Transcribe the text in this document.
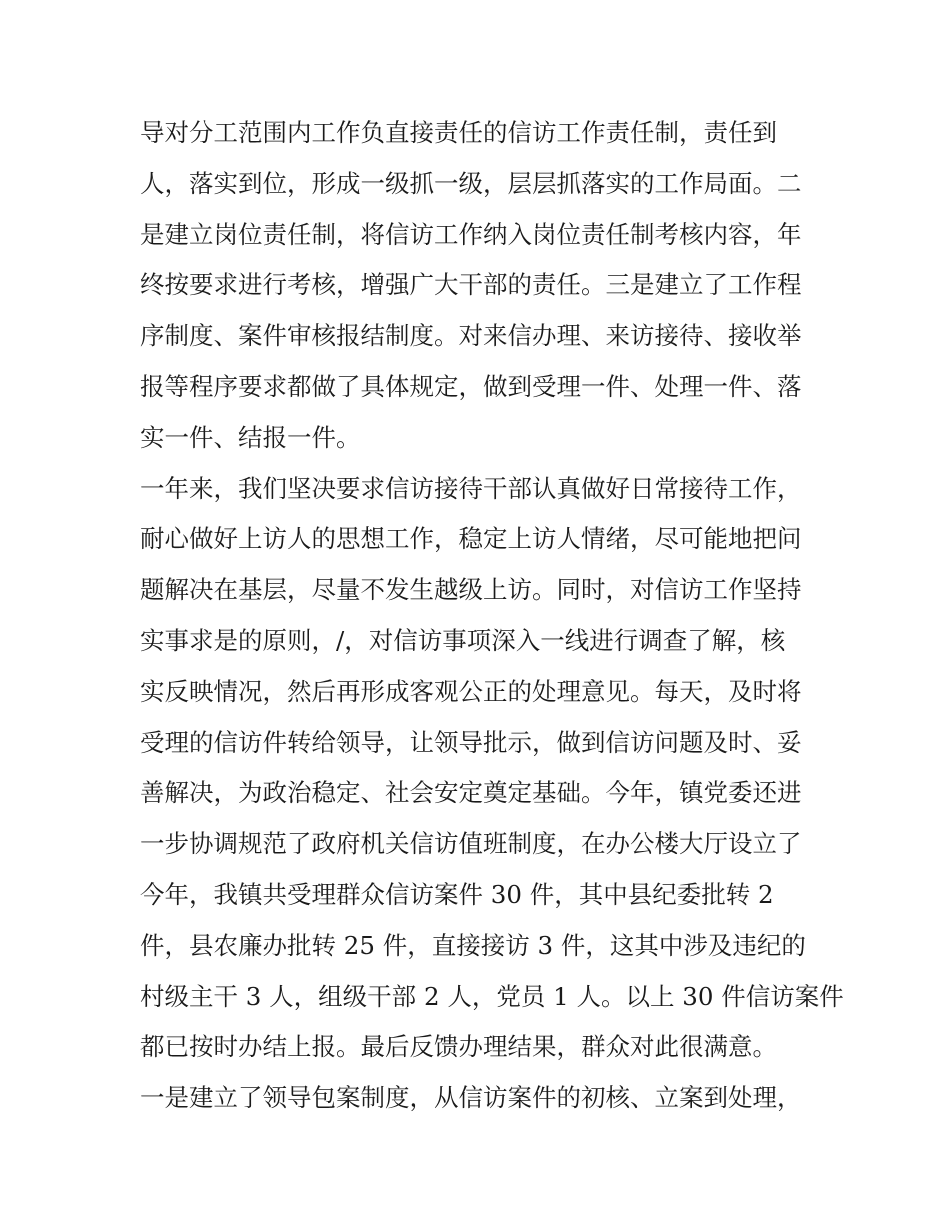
导对分工范围内工作负直接责任的信访工作责任制，责任到
人，落实到位，形成一级抓一级，层层抓落实的工作局面。二
是建立岗位责任制，将信访工作纳入岗位责任制考核内容，年
终按要求进行考核，增强广大干部的责任。三是建立了工作程
序制度、案件审核报结制度。对来信办理、来访接待、接收举
报等程序要求都做了具体规定，做到受理一件、处理一件、落
实一件、结报一件。
一年来，我们坚决要求信访接待干部认真做好日常接待工作，
耐心做好上访人的思想工作，稳定上访人情绪，尽可能地把问
题解决在基层，尽量不发生越级上访。同时，对信访工作坚持
实事求是的原则，/，对信访事项深入一线进行调查了解，核
实反映情况，然后再形成客观公正的处理意见。每天，及时将
受理的信访件转给领导，让领导批示，做到信访问题及时、妥
善解决，为政治稳定、社会安定奠定基础。今年，镇党委还进
一步协调规范了政府机关信访值班制度，在办公楼大厅设立了
今年，我镇共受理群众信访案件 30 件，其中县纪委批转 2
件，县农廉办批转 25 件，直接接访 3 件，这其中涉及违纪的
村级主干 3 人，组级干部 2 人，党员 1 人。以上 30 件信访案件
都已按时办结上报。最后反馈办理结果，群众对此很满意。
一是建立了领导包案制度，从信访案件的初核、立案到处理，
